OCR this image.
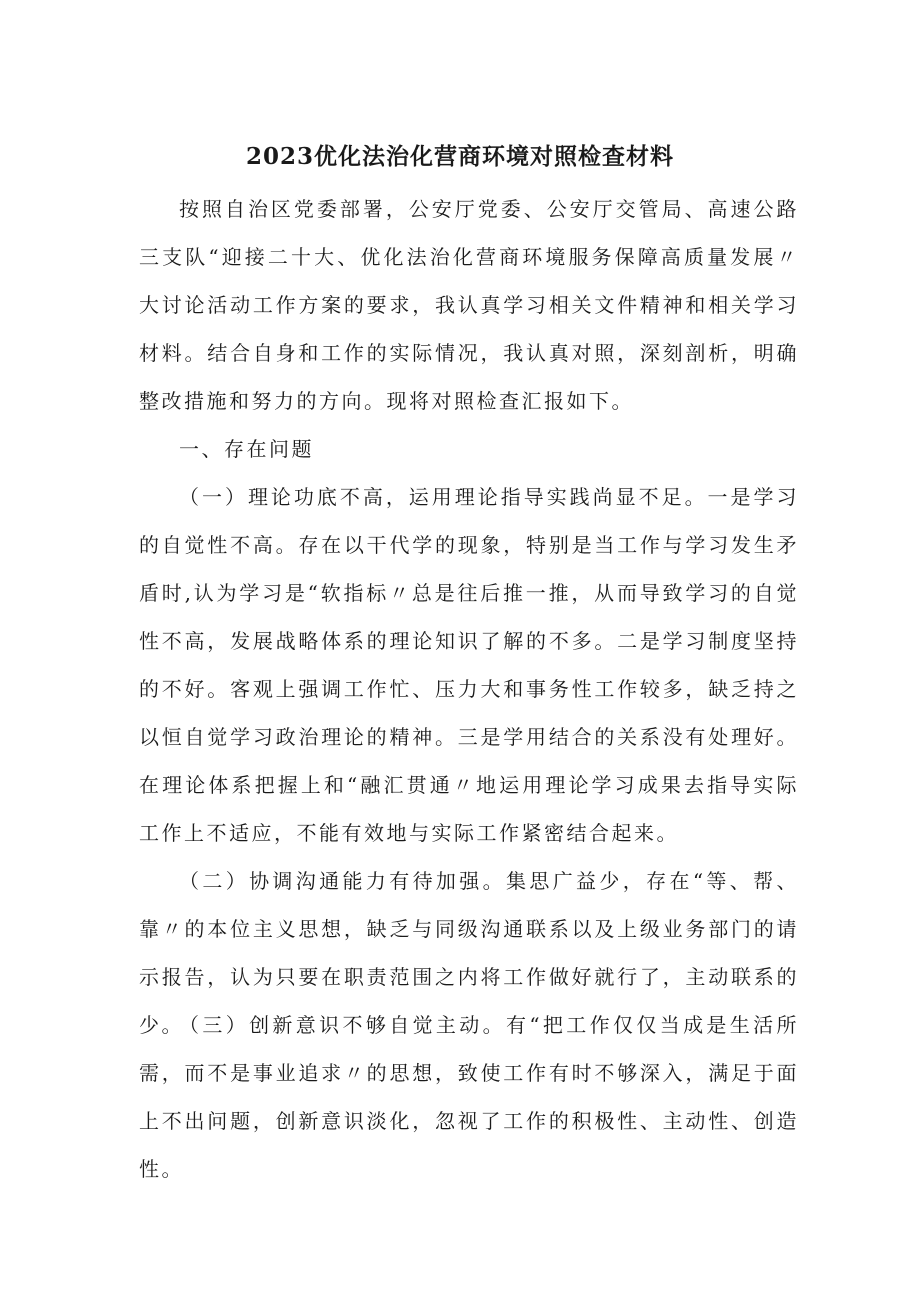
2023优化法治化营商环境对照检查材料
按照自治区党委部署，公安厅党委、公安厅交管局、高速公路三支队“迎接二十大、优化法治化营商环境服务保障高质量发展〃大讨论活动工作方案的要求，我认真学习相关文件精神和相关学习材料。结合自身和工作的实际情况，我认真对照，深刻剖析，明确整改措施和努力的方向。现将对照检查汇报如下。
一、存在问题
（一）理论功底不高，运用理论指导实践尚显不足。一是学习的自觉性不高。存在以干代学的现象，特别是当工作与学习发生矛盾时,认为学习是“软指标〃总是往后推一推，从而导致学习的自觉性不高，发展战略体系的理论知识了解的不多。二是学习制度坚持的不好。客观上强调工作忙、压力大和事务性工作较多，缺乏持之以恒自觉学习政治理论的精神。三是学用结合的关系没有处理好。在理论体系把握上和“融汇贯通〃地运用理论学习成果去指导实际工作上不适应，不能有效地与实际工作紧密结合起来。
（二）协调沟通能力有待加强。集思广益少，存在“等、帮、靠〃的本位主义思想，缺乏与同级沟通联系以及上级业务部门的请示报告，认为只要在职责范围之内将工作做好就行了，主动联系的少。
（三）创新意识不够自觉主动。有“把工作仅仅当成是生活所需，而不是事业追求〃的思想，致使工作有时不够深入，满足于面上不出问题，创新意识淡化，忽视了工作的积极性、主动性、创造性。
